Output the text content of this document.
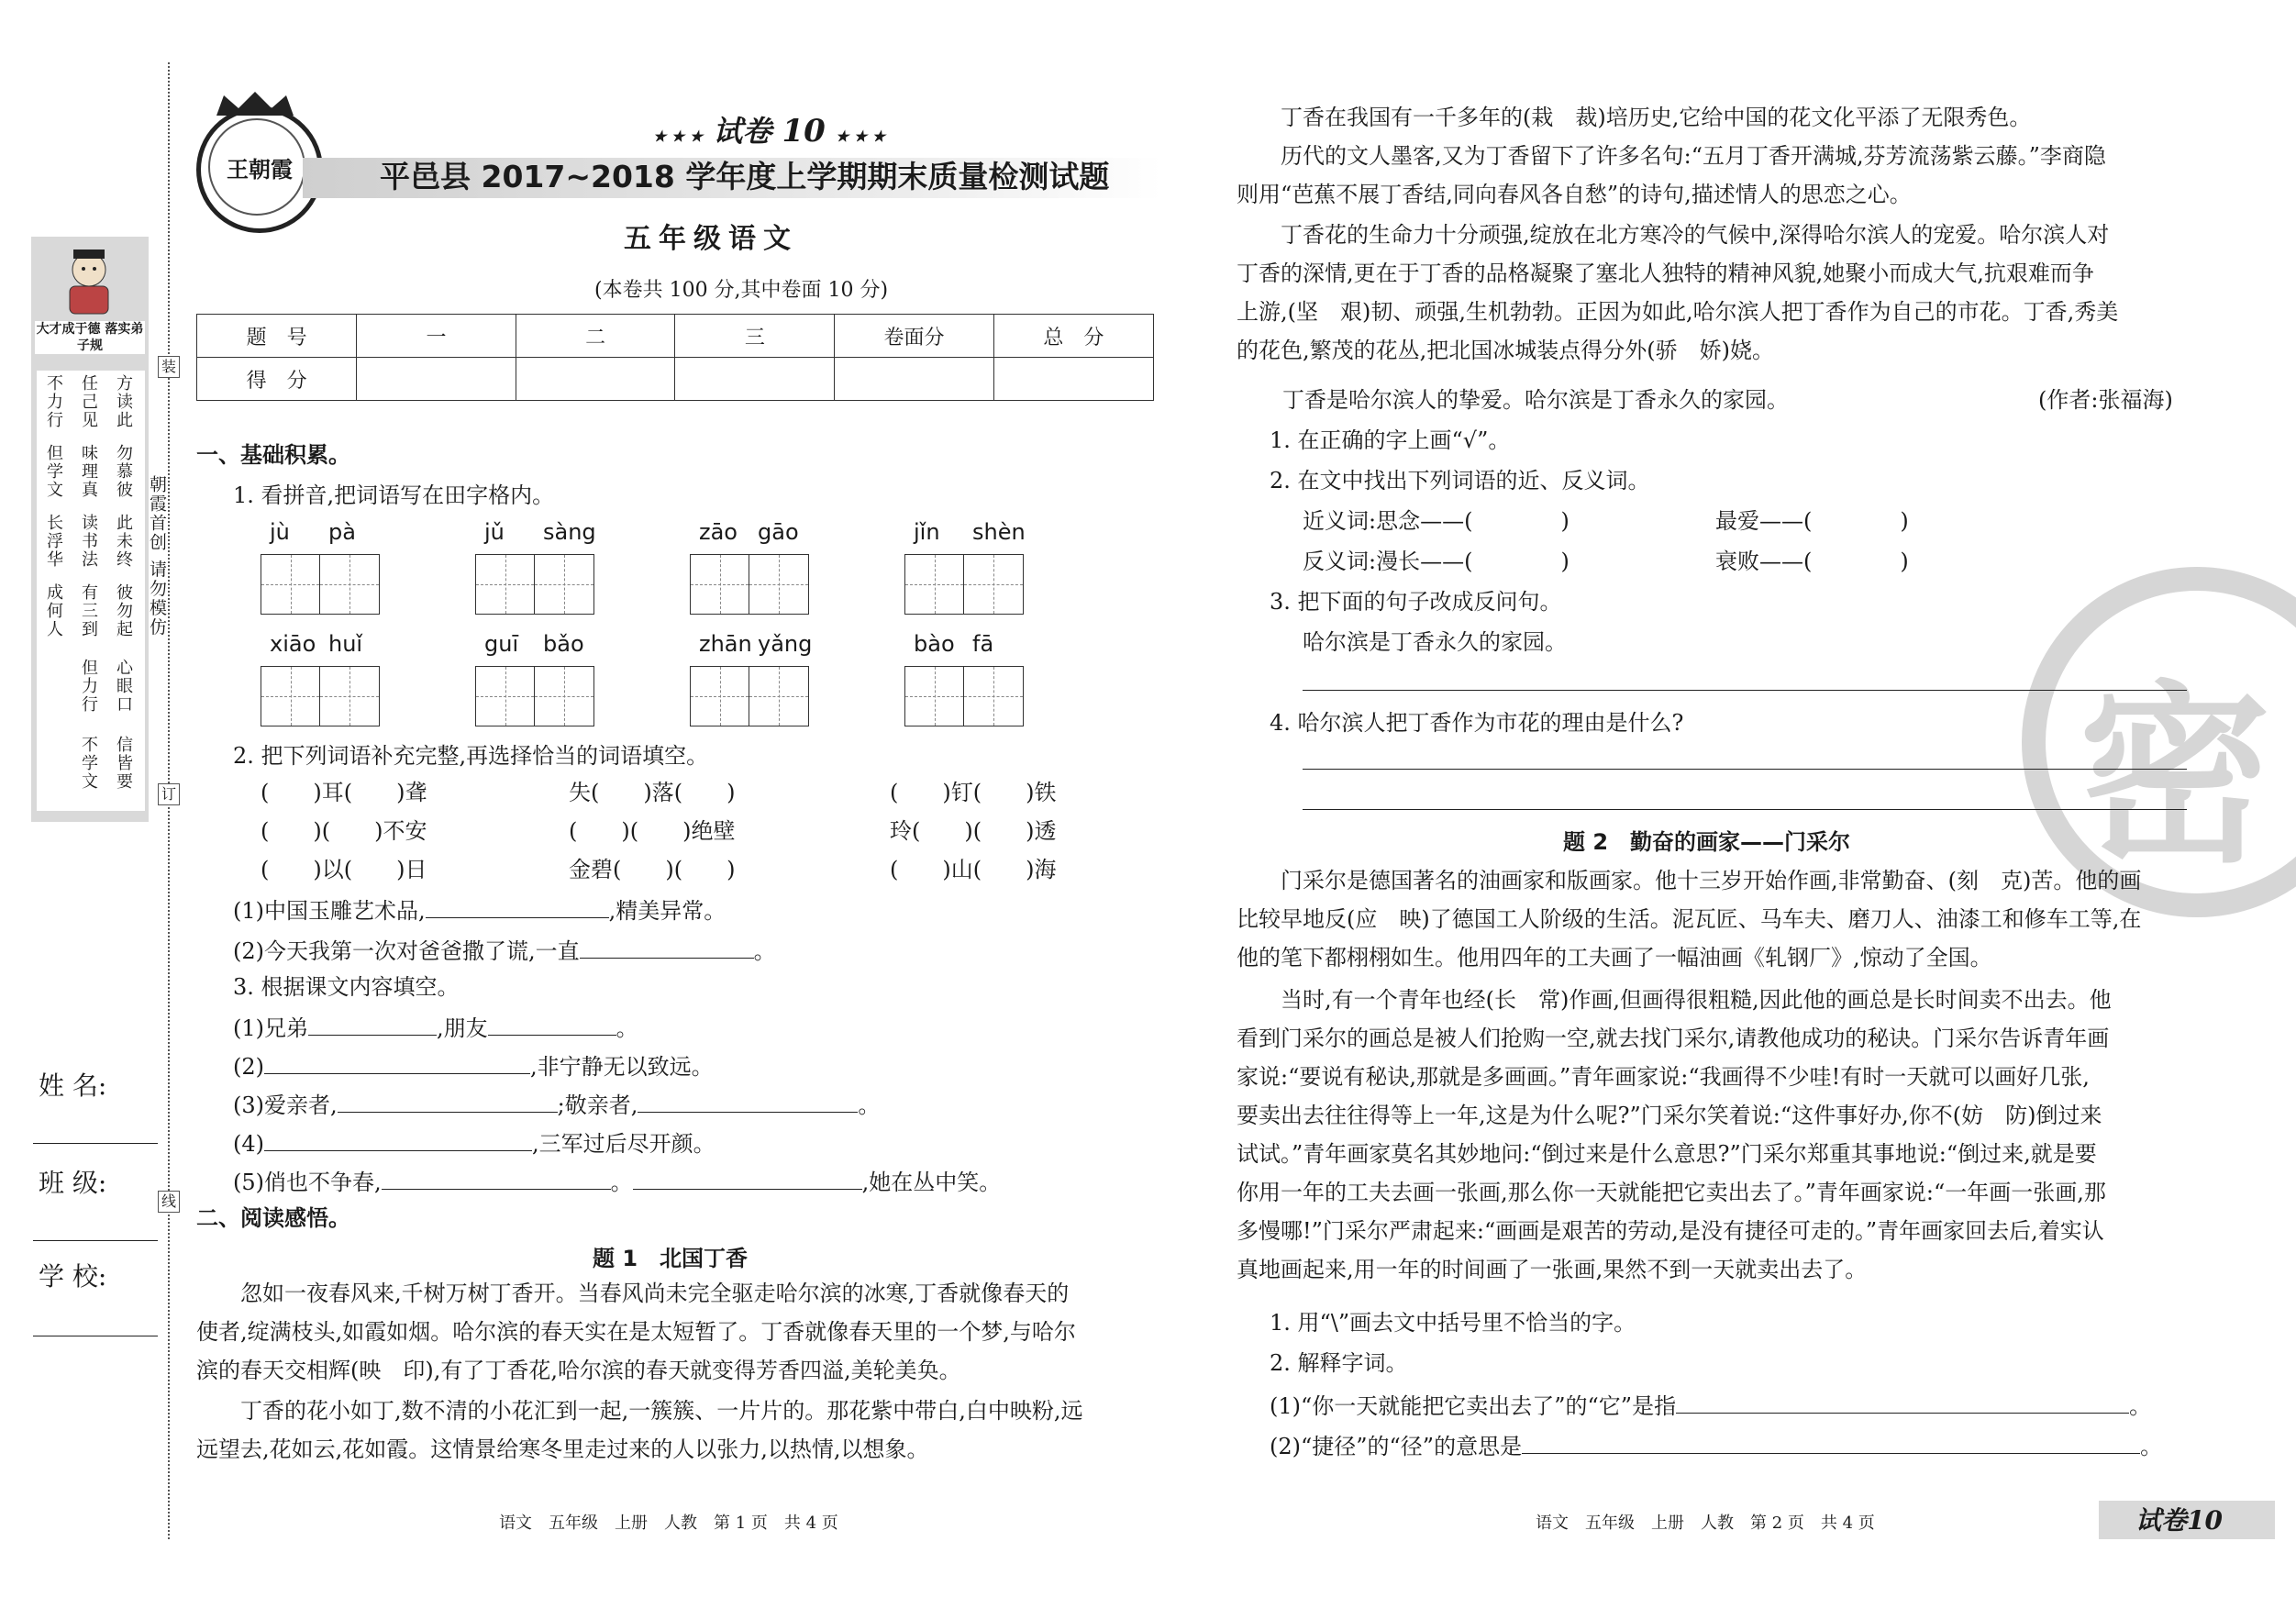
大才成于德 落实弟子规
方读此
任己见
不力行
勿慕彼
味理真
但学文
此未终
读书法
长浮华
彼勿起
有三到
成何人
心眼口
但力行
信皆要
不学文
朝霞首创 请勿模仿
装
订
线
姓 名:
班 级:
学 校:
王朝霞
★ ★ ★ 试卷 10 ★ ★ ★
平邑县 2017~2018 学年度上学期期末质量检测试题
五年级语文
(本卷共 100 分,其中卷面 10 分)
题　号	一	二	三	卷面分	总　分
得　分					
一、基础积累。
1. 看拼音,把词语写在田字格内。
jù pà	jǔ sàng	zāo gāo	jǐn shèn
xiāo huǐ	guī bǎo	zhān yǎng	bào fā
2. 把下列词语补充完整,再选择恰当的词语填空。
(　　)耳(　　)聋	失(　　)落(　　)	(　　)钉(　　)铁
(　　)(　　)不安	(　　)(　　)绝壁	玲(　　)(　　)透
(　　)以(　　)日	金碧(　　)(　　)	(　　)山(　　)海
(1)中国玉雕艺术品,	,精美异常。
(2)今天我第一次对爸爸撒了谎,一直	。
3. 根据课文内容填空。
(1)兄弟	,朋友	。
(2)	,非宁静无以致远。
(3)爱亲者,	;敬亲者,	。
(4)	,三军过后尽开颜。
(5)俏也不争春,	。	,她在丛中笑。
二、阅读感悟。
题 1　北国丁香
忽如一夜春风来,千树万树丁香开。当春风尚未完全驱走哈尔滨的冰寒,丁香就像春天的
使者,绽满枝头,如霞如烟。哈尔滨的春天实在是太短暂了。丁香就像春天里的一个梦,与哈尔
滨的春天交相辉(映　印),有了丁香花,哈尔滨的春天就变得芳香四溢,美轮美奂。
丁香的花小如丁,数不清的小花汇到一起,一簇簇、一片片的。那花紫中带白,白中映粉,远
远望去,花如云,花如霞。这情景给寒冬里走过来的人以张力,以热情,以想象。
语文　五年级　上册　人教　第 1 页　共 4 页
密
丁香在我国有一千多年的(栽　裁)培历史,它给中国的花文化平添了无限秀色。
历代的文人墨客,又为丁香留下了许多名句:“五月丁香开满城,芬芳流荡紫云藤。”李商隐
则用“芭蕉不展丁香结,同向春风各自愁”的诗句,描述情人的思恋之心。
丁香花的生命力十分顽强,绽放在北方寒冷的气候中,深得哈尔滨人的宠爱。哈尔滨人对
丁香的深情,更在于丁香的品格凝聚了塞北人独特的精神风貌,她聚小而成大气,抗艰难而争
上游,(坚　艰)韧、顽强,生机勃勃。正因为如此,哈尔滨人把丁香作为自己的市花。丁香,秀美
的花色,繁茂的花丛,把北国冰城装点得分外(骄　娇)娆。
丁香是哈尔滨人的挚爱。哈尔滨是丁香永久的家园。	(作者:张福海)
1. 在正确的字上画“√”。
2. 在文中找出下列词语的近、反义词。
近义词:思念——(　　　　)	最爱——(　　　　)
反义词:漫长——(　　　　)	衰败——(　　　　)
3. 把下面的句子改成反问句。
哈尔滨是丁香永久的家园。
4. 哈尔滨人把丁香作为市花的理由是什么?
题 2　勤奋的画家——门采尔
门采尔是德国著名的油画家和版画家。他十三岁开始作画,非常勤奋、(刻　克)苦。他的画
比较早地反(应　映)了德国工人阶级的生活。泥瓦匠、马车夫、磨刀人、油漆工和修车工等,在
他的笔下都栩栩如生。他用四年的工夫画了一幅油画《轧钢厂》,惊动了全国。
当时,有一个青年也经(长　常)作画,但画得很粗糙,因此他的画总是长时间卖不出去。他
看到门采尔的画总是被人们抢购一空,就去找门采尔,请教他成功的秘诀。门采尔告诉青年画
家说:“要说有秘诀,那就是多画画。”青年画家说:“我画得不少哇!有时一天就可以画好几张,
要卖出去往往得等上一年,这是为什么呢?”门采尔笑着说:“这件事好办,你不(妨　防)倒过来
试试。”青年画家莫名其妙地问:“倒过来是什么意思?”门采尔郑重其事地说:“倒过来,就是要
你用一年的工夫去画一张画,那么你一天就能把它卖出去了。”青年画家说:“一年画一张画,那
多慢哪!”门采尔严肃起来:“画画是艰苦的劳动,是没有捷径可走的。”青年画家回去后,着实认
真地画起来,用一年的时间画了一张画,果然不到一天就卖出去了。
1. 用“\”画去文中括号里不恰当的字。
2. 解释字词。
(1)“你一天就能把它卖出去了”的“它”是指	。
(2)“捷径”的“径”的意思是	。
语文　五年级　上册　人教　第 2 页　共 4 页	试卷10
